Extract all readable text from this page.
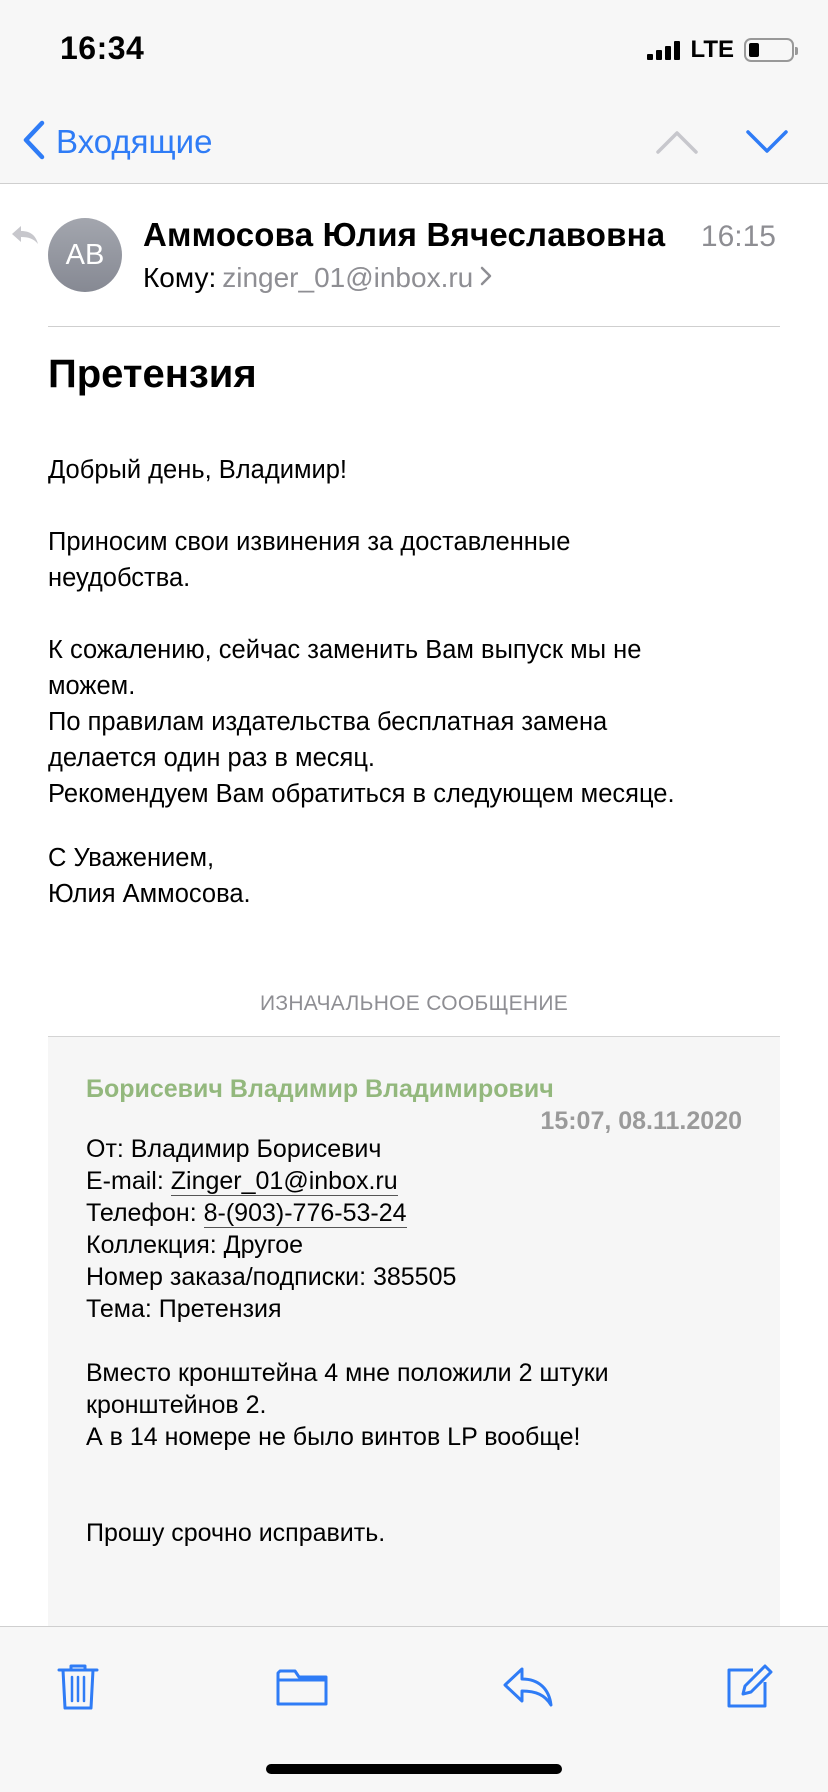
16:34	LTE
Входящие
AB
Аммосова Юлия Вячеславовна 16:15
Кому: zinger_01@inbox.ru
Претензия
Добрый день, Владимир!
Приносим свои извинения за доставленные
неудобства.
К сожалению, сейчас заменить Вам выпуск мы не
можем.
По правилам издательства бесплатная замена
делается один раз в месяц.
Рекомендуем Вам обратиться в следующем месяце.
С Уважением,
Юлия Аммосова.
ИЗНАЧАЛЬНОЕ СООБЩЕНИЕ
Борисевич Владимир Владимирович
15:07, 08.11.2020
От: Владимир Борисевич
E-mail: Zinger_01@inbox.ru
Телефон: 8-(903)-776-53-24
Коллекция: Другое
Номер заказа/подписки: 385505
Тема: Претензия
Вместо кронштейна 4 мне положили 2 штуки
кронштейнов 2.
А в 14 номере не было винтов LP вообще!
Прошу срочно исправить.
